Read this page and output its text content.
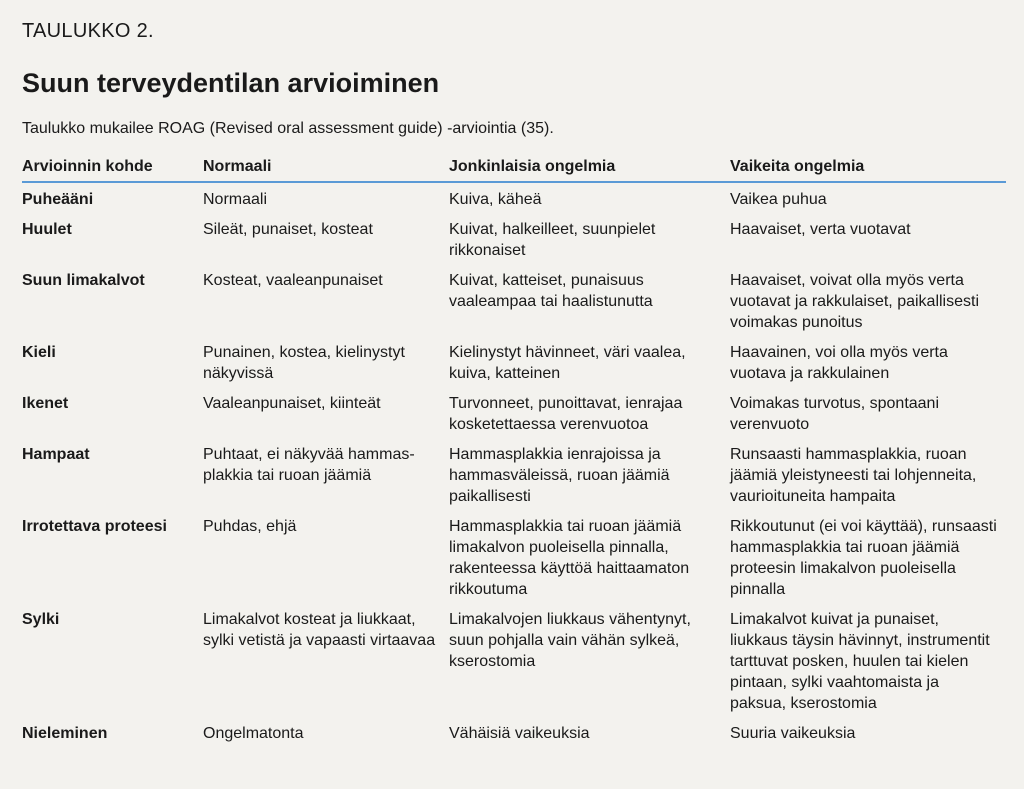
TAULUKKO 2.
Suun terveydentilan arvioiminen
Taulukko mukailee ROAG (Revised oral assessment guide) -arviointia (35).
Arvioinnin kohde	Normaali	Jonkinlaisia ongelmia	Vaikeita ongelmia
Puheääni	Normaali	Kuiva, käheä	Vaikea puhua
Huulet	Sileät, punaiset, kosteat	Kuivat, halkeilleet, suunpielet rikkonaiset	Haavaiset, verta vuotavat
Suun limakalvot	Kosteat, vaaleanpunaiset	Kuivat, katteiset, punaisuus vaaleampaa tai haalistunutta	Haavaiset, voivat olla myös verta vuotavat ja rakkulaiset, paikallisesti voimakas punoitus
Kieli	Punainen, kostea, kielinystyt näkyvissä	Kielinystyt hävinneet, väri vaalea, kuiva, katteinen	Haavainen, voi olla myös verta vuotava ja rakkulainen
Ikenet	Vaaleanpunaiset, kiinteät	Turvonneet, punoittavat, ienrajaa kosketettaessa verenvuotoa	Voimakas turvotus, spontaani verenvuoto
Hampaat	Puhtaat, ei näkyvää hammasplakkia tai ruoan jäämiä	Hammasplakkia ienrajoissa ja hammasväleissä, ruoan jäämiä paikallisesti	Runsaasti hammasplakkia, ruoan jäämiä yleistyneesti tai lohjenneita, vaurioituneita hampaita
Irrotettava proteesi	Puhdas, ehjä	Hammasplakkia tai ruoan jäämiä limakalvon puoleisella pinnalla, rakenteessa käyttöä haittaamaton rikkoutuma	Rikkoutunut (ei voi käyttää), runsaasti hammasplakkia tai ruoan jäämiä proteesin limakalvon puoleisella pinnalla
Sylki	Limakalvot kosteat ja liukkaat, sylki vetistä ja vapaasti virtaavaa	Limakalvojen liukkaus vähentynyt, suun pohjalla vain vähän sylkeä, kserostomia	Limakalvot kuivat ja punaiset, liukkaus täysin hävinnyt, instrumentit tarttuvat posken, huulen tai kielen pintaan, sylki vaahtomaista ja paksua, kserostomia
Nieleminen	Ongelmatonta	Vähäisiä vaikeuksia	Suuria vaikeuksia
